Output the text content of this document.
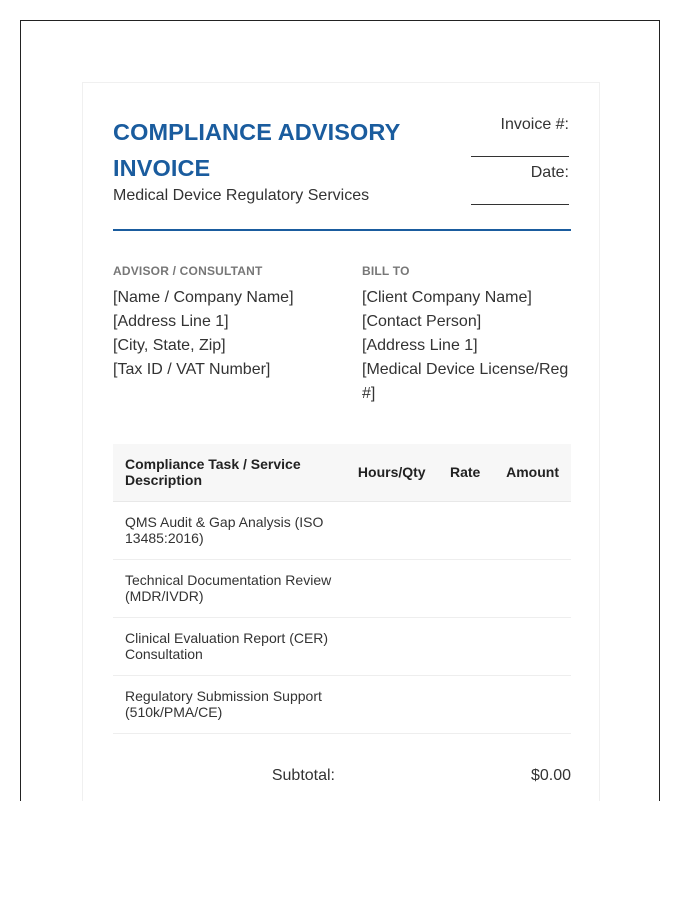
COMPLIANCE ADVISORY INVOICE
Medical Device Regulatory Services
Invoice #:
Date:
ADVISOR / CONSULTANT
[Name / Company Name]
[Address Line 1]
[City, State, Zip]
[Tax ID / VAT Number]
BILL TO
[Client Company Name]
[Contact Person]
[Address Line 1]
[Medical Device License/Reg #]
Compliance Task / Service Description	Hours/Qty	Rate	Amount
QMS Audit & Gap Analysis (ISO 13485:2016)			
Technical Documentation Review (MDR/IVDR)			
Clinical Evaluation Report (CER) Consultation			
Regulatory Submission Support (510k/PMA/CE)			
Subtotal:	$0.00
